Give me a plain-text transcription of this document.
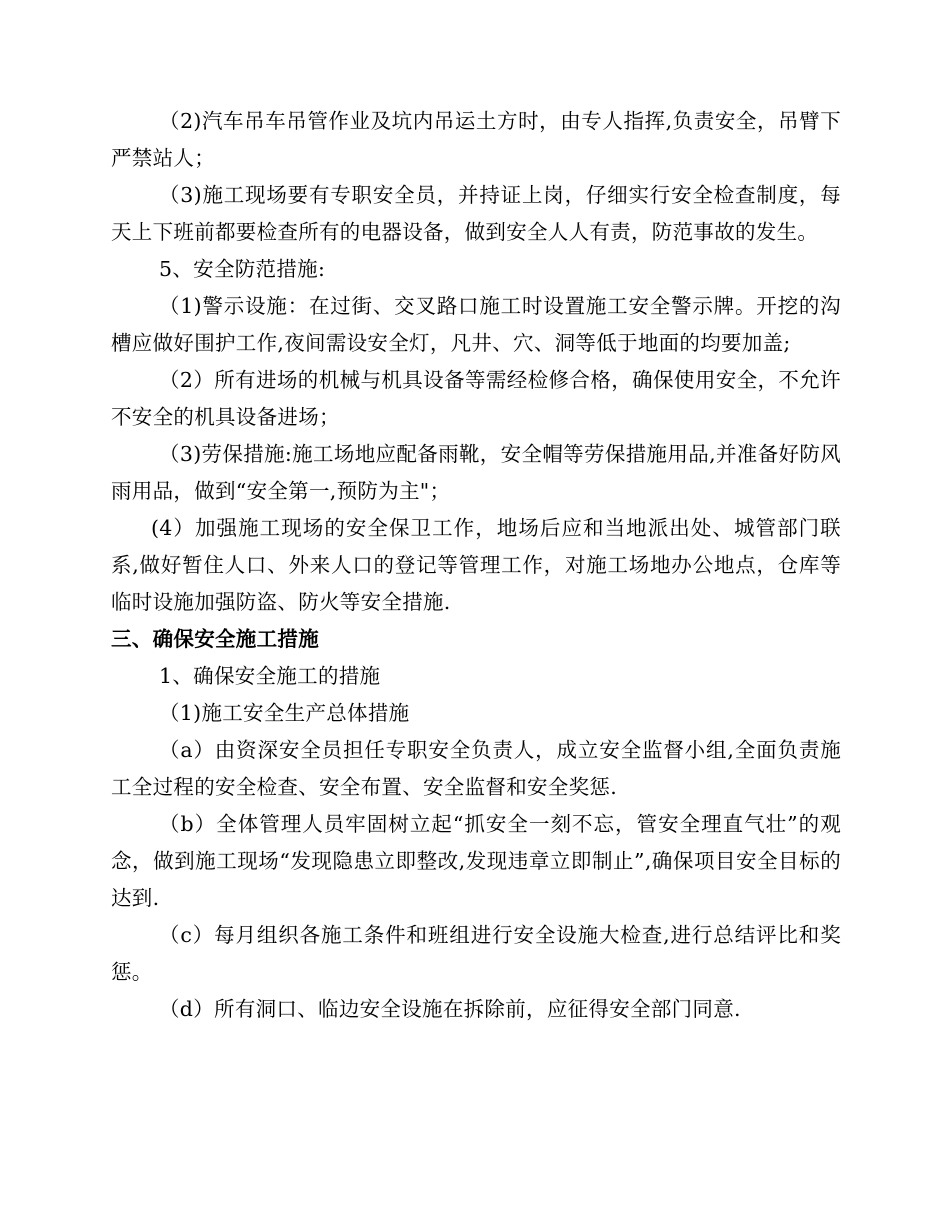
（2)汽车吊车吊管作业及坑内吊运土方时，由专人指挥,负责安全，吊臂下严禁站人；

（3)施工现场要有专职安全员，并持证上岗，仔细实行安全检查制度，每天上下班前都要检查所有的电器设备，做到安全人人有责，防范事故的发生。

5、安全防范措施:

（1)警示设施：在过街、交叉路口施工时设置施工安全警示牌。开挖的沟槽应做好围护工作,夜间需设安全灯，凡井、穴、洞等低于地面的均要加盖;

（2）所有进场的机械与机具设备等需经检修合格，确保使用安全，不允许不安全的机具设备进场；

（3)劳保措施:施工场地应配备雨靴，安全帽等劳保措施用品,并准备好防风雨用品，做到“安全第一,预防为主"；

(4）加强施工现场的安全保卫工作，地场后应和当地派出处、城管部门联系,做好暂住人口、外来人口的登记等管理工作，对施工场地办公地点，仓库等临时设施加强防盗、防火等安全措施.

三、确保安全施工措施

1、确保安全施工的措施

（1)施工安全生产总体措施

（a）由资深安全员担任专职安全负责人，成立安全监督小组,全面负责施工全过程的安全检查、安全布置、安全监督和安全奖惩.

（b）全体管理人员牢固树立起“抓安全一刻不忘，管安全理直气壮”的观念，做到施工现场“发现隐患立即整改,发现违章立即制止”,确保项目安全目标的达到.

（c）每月组织各施工条件和班组进行安全设施大检查,进行总结评比和奖惩。

（d）所有洞口、临边安全设施在拆除前，应征得安全部门同意.
